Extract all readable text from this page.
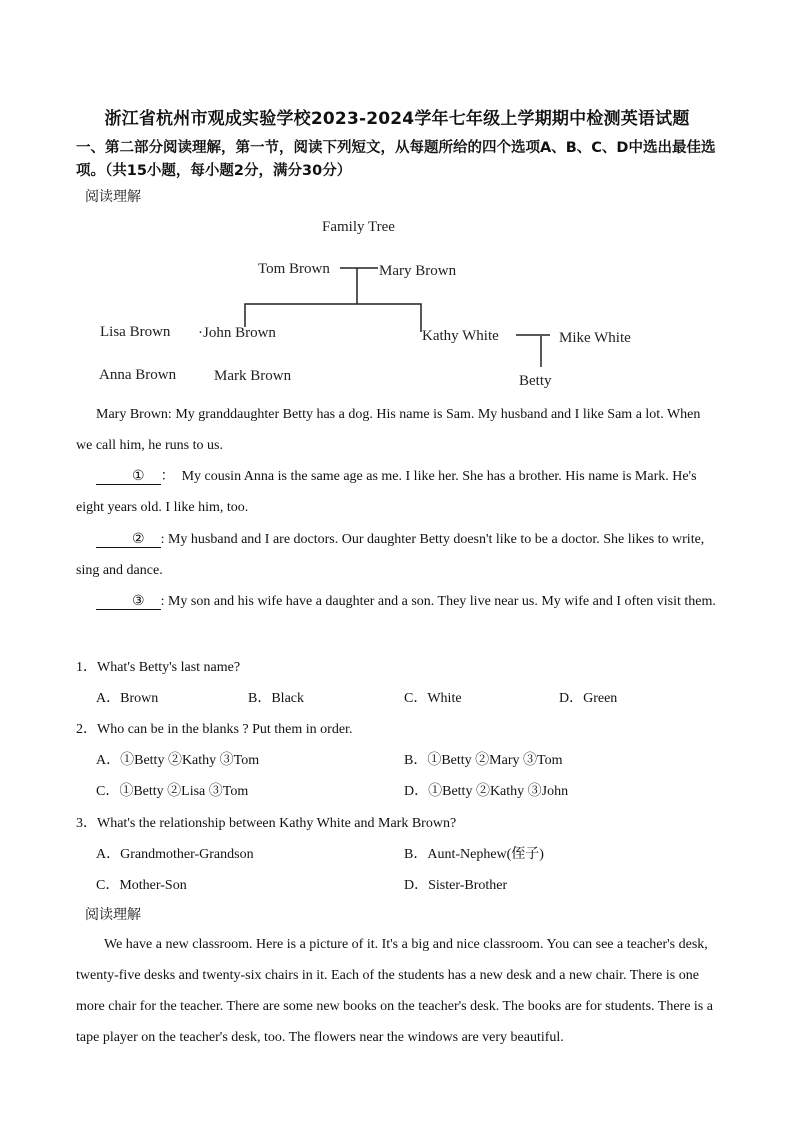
浙江省杭州市观成实验学校2023-2024学年七年级上学期期中检测英语试题
一、第二部分阅读理解，第一节，阅读下列短文，从每题所给的四个选项A、B、C、D中选出最佳选项。（共15小题，每小题2分，满分30分）
阅读理解
Family Tree
Tom Brown	Mary Brown
Lisa Brown ·John Brown	Kathy White	Mike White
Anna Brown	Mark Brown	Betty
Mary Brown: My granddaughter Betty has a dog. His name is Sam. My husband and I like Sam a lot. When we call him, he runs to us.
① ： My cousin Anna is the same age as me. I like her. She has a brother. His name is Mark. He's eight years old. I like him, too.
② : My husband and I are doctors. Our daughter Betty doesn't like to be a doctor. She likes to write, sing and dance.
③ : My son and his wife have a daughter and a son. They live near us. My wife and I often visit them.
1．What's Betty's last name?
A．Brown	B．Black	C．White	D．Green
2．Who can be in the blanks ? Put them in order.
A．①Betty ②Kathy ③Tom	B．①Betty ②Mary ③Tom
C．①Betty ②Lisa ③Tom	D．①Betty ②Kathy ③John
3．What's the relationship between Kathy White and Mark Brown?
A．Grandmother-Grandson	B．Aunt-Nephew(侄子)
C．Mother-Son	D．Sister-Brother
阅读理解
We have a new classroom. Here is a picture of it. It's a big and nice classroom. You can see a teacher's desk, twenty-five desks and twenty-six chairs in it. Each of the students has a new desk and a new chair. There is one more chair for the teacher. There are some new books on the teacher's desk. The books are for students. There is a tape player on the teacher's desk, too. The flowers near the windows are very beautiful.
